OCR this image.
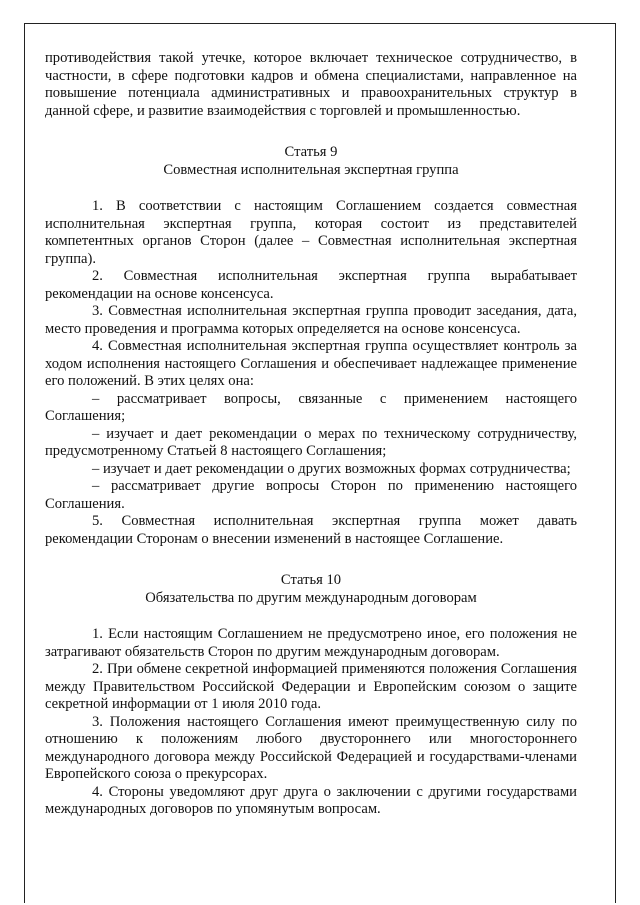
противодействия такой утечке, которое включает техническое сотрудничество, в частности, в сфере подготовки кадров и обмена специалистами, направленное на повышение потенциала административных и правоохранительных структур в данной сфере, и развитие взаимодействия с торговлей и промышленностью.

Статья 9

Совместная исполнительная экспертная группа

1. В соответствии с настоящим Соглашением создается совместная исполнительная экспертная группа, которая состоит из представителей компетентных органов Сторон (далее – Совместная исполнительная экспертная группа).

2. Совместная исполнительная экспертная группа вырабатывает рекомендации на основе консенсуса.

3. Совместная исполнительная экспертная группа проводит заседания, дата, место проведения и программа которых определяется на основе консенсуса.

4. Совместная исполнительная экспертная группа осуществляет контроль за ходом исполнения настоящего Соглашения и обеспечивает надлежащее применение его положений. В этих целях она:

– рассматривает вопросы, связанные с применением настоящего Соглашения;

– изучает и дает рекомендации о мерах по техническому сотрудничеству, предусмотренному Статьей 8 настоящего Соглашения;

– изучает и дает рекомендации о других возможных формах сотрудничества;

– рассматривает другие вопросы Сторон по применению настоящего Соглашения.

5. Совместная исполнительная экспертная группа может давать рекомендации Сторонам о внесении изменений в настоящее Соглашение.

Статья 10

Обязательства по другим международным договорам

1. Если настоящим Соглашением не предусмотрено иное, его положения не затрагивают обязательств Сторон по другим международным договорам.

2. При обмене секретной информацией применяются положения Соглашения между Правительством Российской Федерации и Европейским союзом о защите секретной информации от 1 июля 2010 года.

3. Положения настоящего Соглашения имеют преимущественную силу по отношению к положениям любого двустороннего или многостороннего международного договора между Российской Федерацией и государствами-членами Европейского союза о прекурсорах.

4. Стороны уведомляют друг друга о заключении с другими государствами международных договоров по упомянутым вопросам.
